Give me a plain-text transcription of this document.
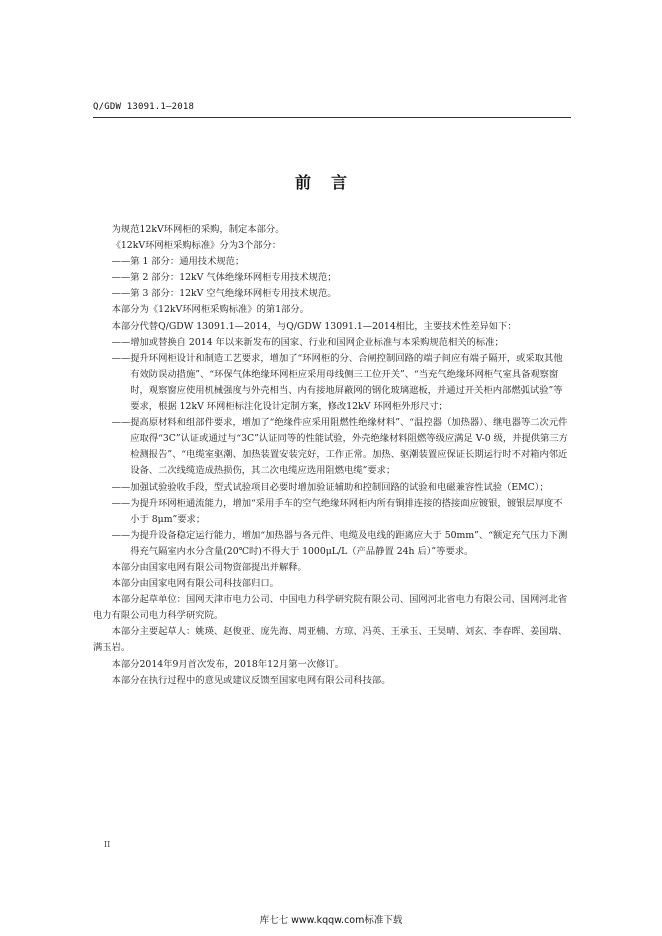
Q/GDW 13091.1—2018
前言

为规范12kV环网柜的采购，制定本部分。

《12kV环网柜采购标准》分为3个部分：

——第 1 部分：通用技术规范；

——第 2 部分：12kV 气体绝缘环网柜专用技术规范；

——第 3 部分：12kV 空气绝缘环网柜专用技术规范。

本部分为《12kV环网柜采购标准》的第1部分。

本部分代替Q/GDW 13091.1—2014，与Q/GDW 13091.1—2014相比，主要技术性差异如下：

——增加或替换自 2014 年以来新发布的国家、行业和国网企业标准与本采购规范相关的标准；

——提升环网柜设计和制造工艺要求，增加了“环网柜的分、合闸控制回路的端子间应有端子隔开，或采取其他有效防误动措施”、“环保气体绝缘环网柜应采用母线侧三工位开关”、“当充气绝缘环网柜气室具备观察窗时，观察窗应使用机械强度与外壳相当、内有接地屏蔽网的钢化玻璃遮板，并通过开关柜内部燃弧试验”等要求，根据 12kV 环网柜标注化设计定制方案，修改12kV 环网柜外形尺寸；

——提高原材料和组部件要求，增加了“绝缘件应采用阻燃性绝缘材料”、“温控器（加热器）、继电器等二次元件应取得“3C”认证或通过与“3C”认证同等的性能试验，外壳绝缘材料阻燃等级应满足 V-0 级，并提供第三方检测报告”、“电缆室驱潮、加热装置安装完好，工作正常。加热、驱潮装置应保证长期运行时不对箱内邻近设备、二次线缆造成热损伤，其二次电缆应选用阻燃电缆”要求；

——加强试验验收手段，型式试验项目必要时增加验证辅助和控制回路的试验和电磁兼容性试验（EMC）；

——为提升环网柜通流能力，增加“采用手车的空气绝缘环网柜内所有铜排连接的搭接面应镀银，镀银层厚度不小于 8μm”要求；

——为提升设备稳定运行能力，增加“加热器与各元件、电缆及电线的距离应大于 50mm”、“额定充气压力下测得充气隔室内水分含量(20℃时)不得大于 1000μL/L（产品静置 24h 后）”等要求。

本部分由国家电网有限公司物资部提出并解释。

本部分由国家电网有限公司科技部归口。

本部分起草单位：国网天津市电力公司、中国电力科学研究院有限公司、国网河北省电力有限公司、国网河北省电力有限公司电力科学研究院。

本部分主要起草人：姚瑛、赵俊亚、庞先海、周亚楠、方琼、冯英、王承玉、王昊晴、刘玄、李春晖、姜国瑞、满玉岩。

本部分2014年9月首次发布，2018年12月第一次修订。

本部分在执行过程中的意见或建议反馈至国家电网有限公司科技部。

II
库七七 www.kqqw.com标准下载
